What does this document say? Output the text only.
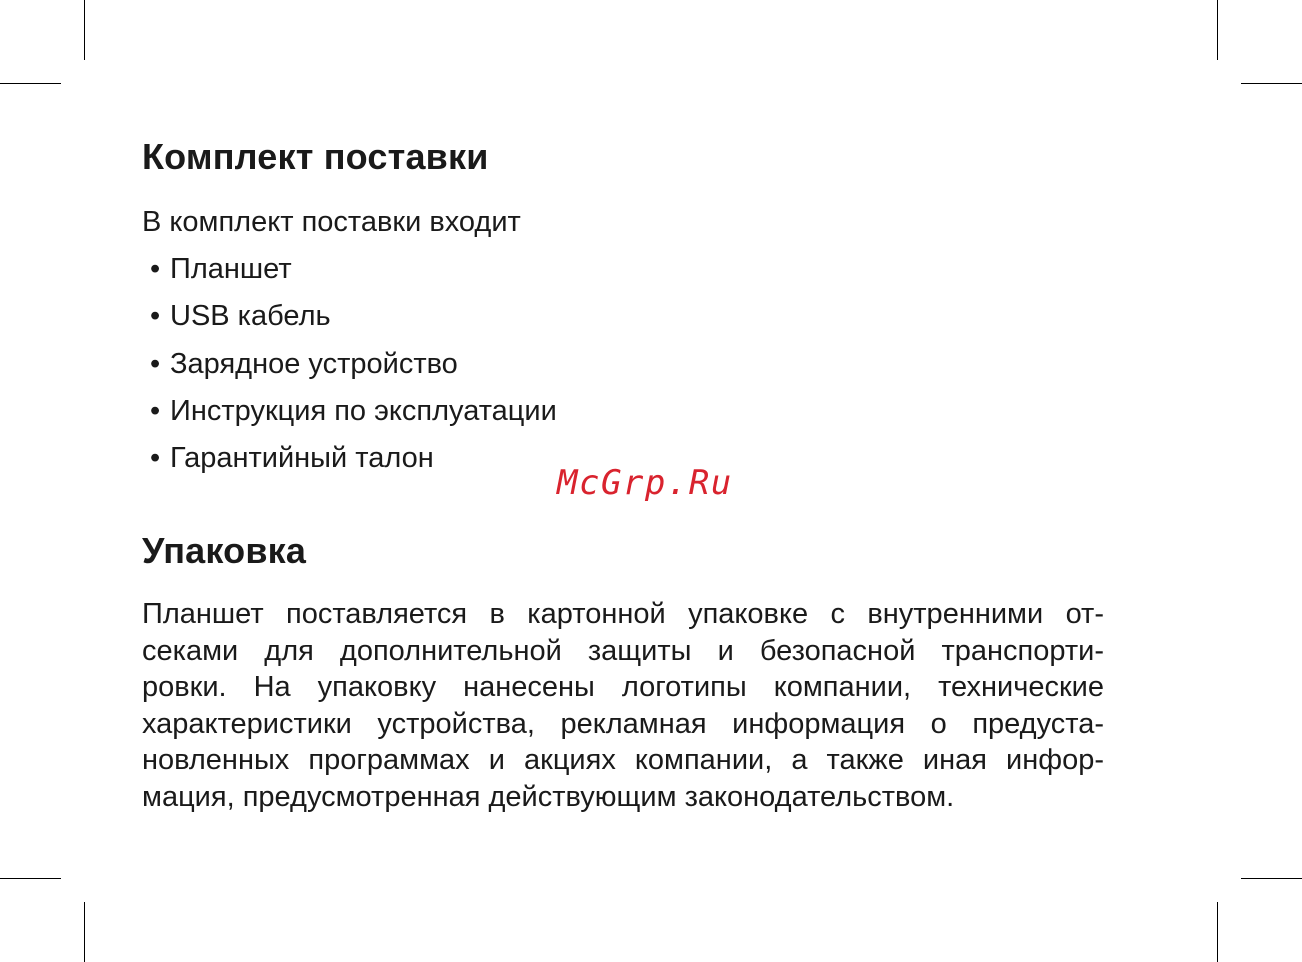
Комплект поставки
В комплект поставки входит
• Планшет
• USB кабель
• Зарядное устройство
• Инструкция по эксплуатации
• Гарантийный талон
Упаковка
Планшет поставляется в картонной упаковке с внутренними от-
секами для дополнительной защиты и безопасной транспорти-
ровки. На упаковку нанесены логотипы компании, технические
характеристики устройства, рекламная информация о предуста-
новленных программах и акциях компании, а также иная инфор-
мация, предусмотренная действующим законодательством.
McGrp.Ru
